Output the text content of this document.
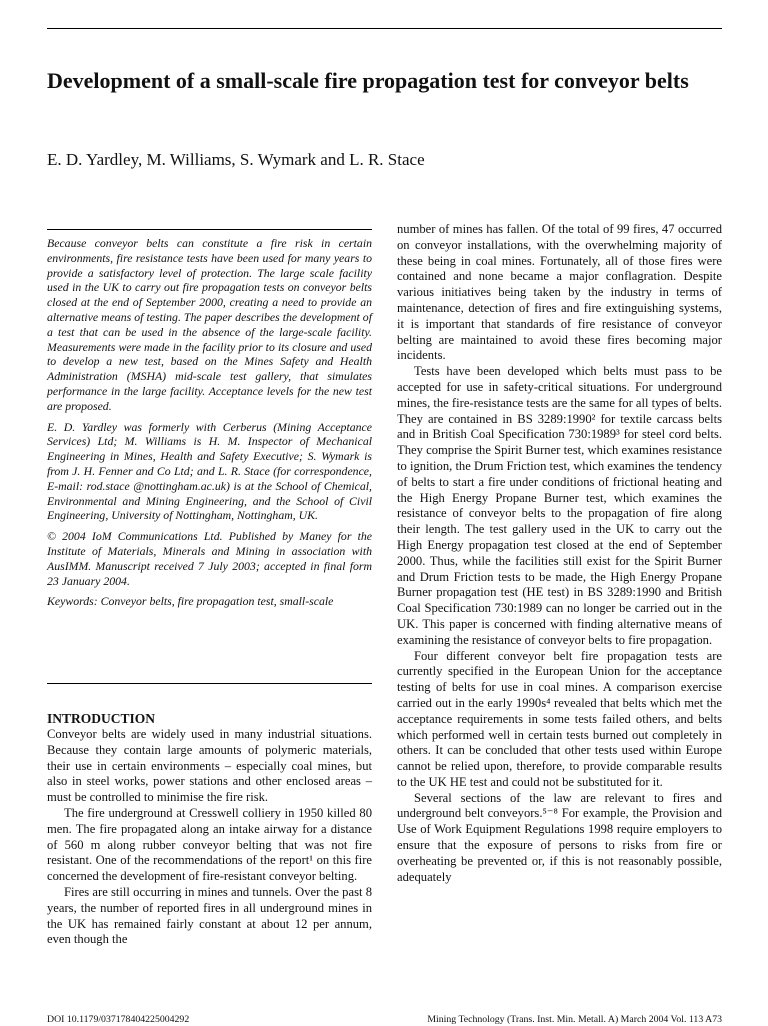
Development of a small-scale fire propagation test for conveyor belts

E. D. Yardley, M. Williams, S. Wymark and L. R. Stace

Because conveyor belts can constitute a fire risk in certain environments, fire resistance tests have been used for many years to provide a satisfactory level of protection. The large scale facility used in the UK to carry out fire propagation tests on conveyor belts closed at the end of September 2000, creating a need to provide an alternative means of testing. The paper describes the development of a test that can be used in the absence of the large-scale facility. Measurements were made in the facility prior to its closure and used to develop a new test, based on the Mines Safety and Health Administration (MSHA) mid-scale test gallery, that simulates performance in the large facility. Acceptance levels for the new test are proposed.

E. D. Yardley was formerly with Cerberus (Mining Acceptance Services) Ltd; M. Williams is H. M. Inspector of Mechanical Engineering in Mines, Health and Safety Executive; S. Wymark is from J. H. Fenner and Co Ltd; and L. R. Stace (for correspondence, E-mail: rod.stace @nottingham.ac.uk) is at the School of Chemical, Environmental and Mining Engineering, and the School of Civil Engineering, University of Nottingham, Nottingham, UK.

© 2004 IoM Communications Ltd. Published by Maney for the Institute of Materials, Minerals and Mining in association with AusIMM. Manuscript received 7 July 2003; accepted in final form 23 January 2004.

Keywords: Conveyor belts, fire propagation test, small-scale

INTRODUCTION

Conveyor belts are widely used in many industrial situations. Because they contain large amounts of polymeric materials, their use in certain environments – especially coal mines, but also in steel works, power stations and other enclosed areas – must be controlled to minimise the fire risk.

The fire underground at Cresswell colliery in 1950 killed 80 men. The fire propagated along an intake airway for a distance of 560 m along rubber conveyor belting that was not fire resistant. One of the recommendations of the report¹ on this fire concerned the development of fire-resistant conveyor belting.

Fires are still occurring in mines and tunnels. Over the past 8 years, the number of reported fires in all underground mines in the UK has remained fairly constant at about 12 per annum, even though the

number of mines has fallen. Of the total of 99 fires, 47 occurred on conveyor installations, with the overwhelming majority of these being in coal mines. Fortunately, all of those fires were contained and none became a major conflagration. Despite various initiatives being taken by the industry in terms of maintenance, detection of fires and fire extinguishing systems, it is important that standards of fire resistance of conveyor belting are maintained to avoid these fires becoming major incidents.

Tests have been developed which belts must pass to be accepted for use in safety-critical situations. For underground mines, the fire-resistance tests are the same for all types of belts. They are contained in BS 3289:1990² for textile carcass belts and in British Coal Specification 730:1989³ for steel cord belts. They comprise the Spirit Burner test, which examines resistance to ignition, the Drum Friction test, which examines the tendency of belts to start a fire under conditions of frictional heating and the High Energy Propane Burner test, which examines the resistance of conveyor belts to the propagation of fire along their length. The test gallery used in the UK to carry out the High Energy propagation test closed at the end of September 2000. Thus, while the facilities still exist for the Spirit Burner and Drum Friction tests to be made, the High Energy Propane Burner propagation test (HE test) in BS 3289:1990 and British Coal Specification 730:1989 can no longer be carried out in the UK. This paper is concerned with finding alternative means of examining the resistance of conveyor belts to fire propagation.

Four different conveyor belt fire propagation tests are currently specified in the European Union for the acceptance testing of belts for use in coal mines. A comparison exercise carried out in the early 1990s⁴ revealed that belts which met the acceptance requirements in some tests failed others, and belts which performed well in certain tests burned out completely in others. It can be concluded that other tests used within Europe cannot be relied upon, therefore, to provide comparable results to the UK HE test and could not be substituted for it.

Several sections of the law are relevant to fires and underground belt conveyors.⁵⁻⁸ For example, the Provision and Use of Work Equipment Regulations 1998 require employers to ensure that the exposure of persons to risks from fire or overheating be prevented or, if this is not reasonably possible, adequately

DOI 10.1179/037178404225004292	Mining Technology (Trans. Inst. Min. Metall. A) March 2004 Vol. 113 A73
